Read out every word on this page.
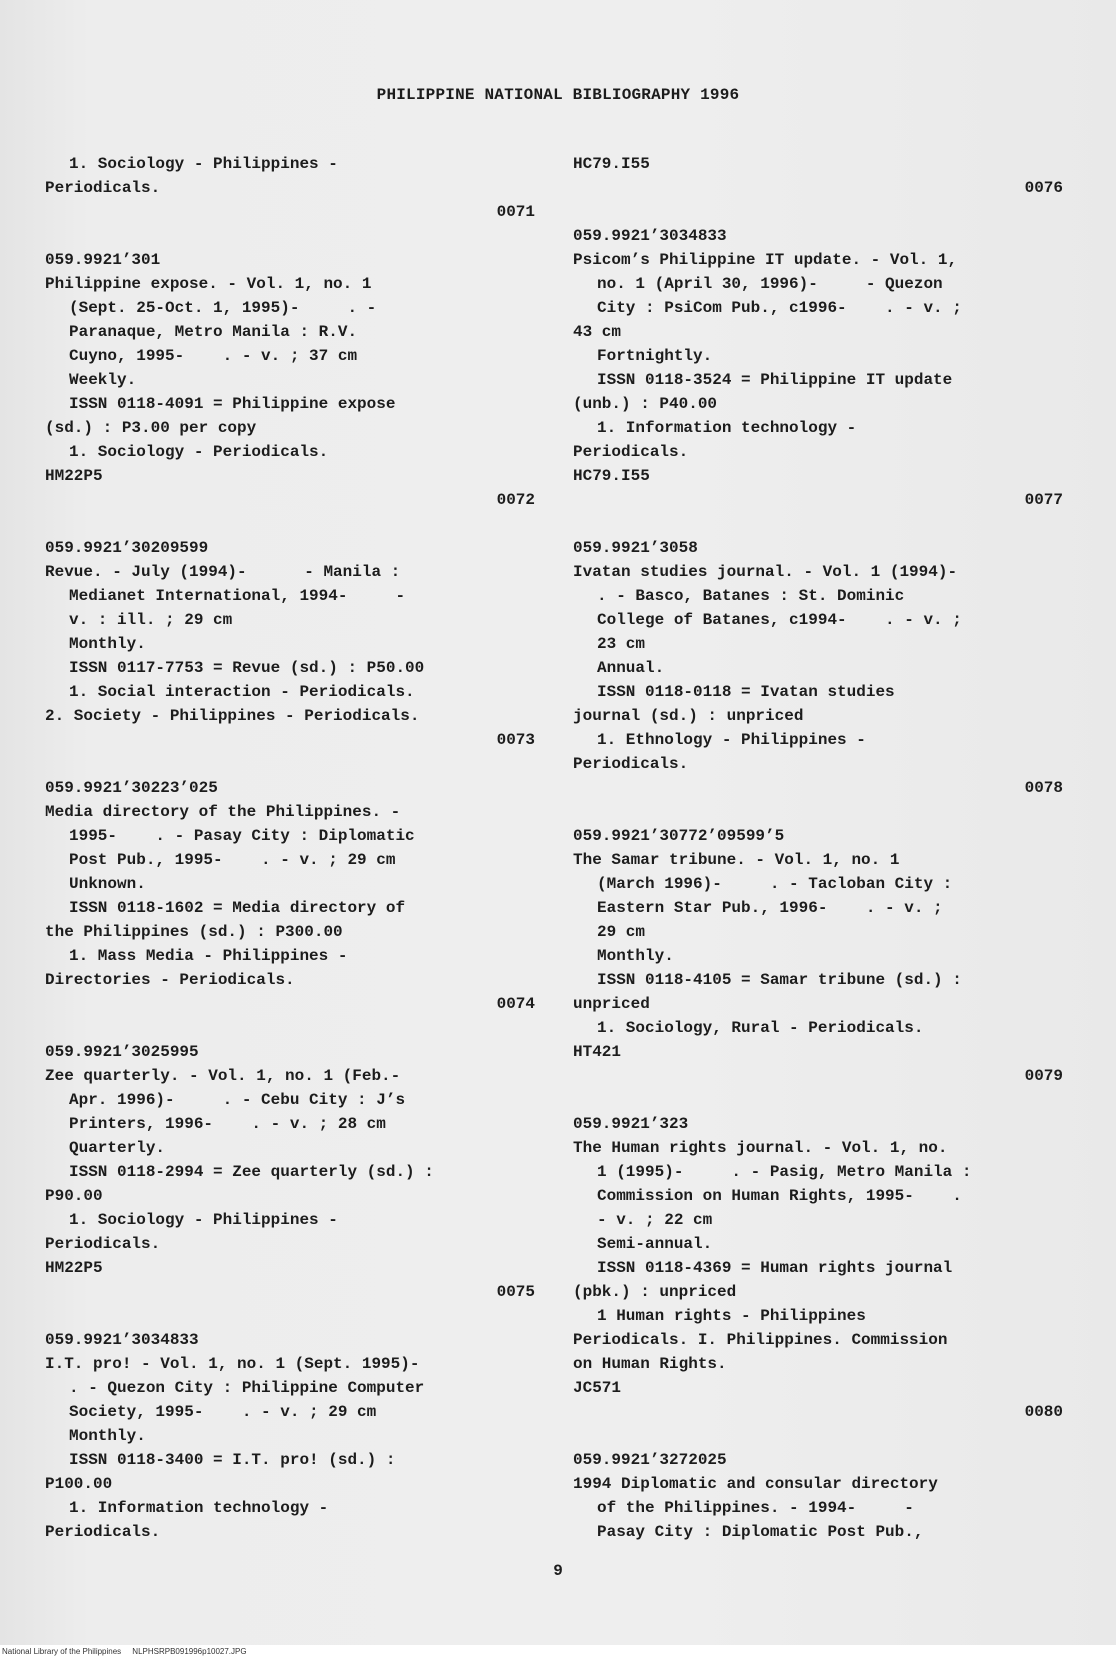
PHILIPPINE NATIONAL BIBLIOGRAPHY 1996
1. Sociology - Philippines -
Periodicals.
0071
059.9921’301
Philippine expose. - Vol. 1, no. 1
(Sept. 25-Oct. 1, 1995)-     . -
Paranaque, Metro Manila : R.V.
Cuyno, 1995-    . - v. ; 37 cm
Weekly.
ISSN 0118-4091 = Philippine expose
(sd.) : P3.00 per copy
1. Sociology - Periodicals.
HM22P5
0072
059.9921’30209599
Revue. - July (1994)-      - Manila :
Medianet International, 1994-     -
v. : ill. ; 29 cm
Monthly.
ISSN 0117-7753 = Revue (sd.) : P50.00
1. Social interaction - Periodicals.
2. Society - Philippines - Periodicals.
0073
059.9921’30223’025
Media directory of the Philippines. -
1995-    . - Pasay City : Diplomatic
Post Pub., 1995-    . - v. ; 29 cm
Unknown.
ISSN 0118-1602 = Media directory of
the Philippines (sd.) : P300.00
1. Mass Media - Philippines -
Directories - Periodicals.
0074
059.9921’3025995
Zee quarterly. - Vol. 1, no. 1 (Feb.-
Apr. 1996)-     . - Cebu City : J’s
Printers, 1996-    . - v. ; 28 cm
Quarterly.
ISSN 0118-2994 = Zee quarterly (sd.) :
P90.00
1. Sociology - Philippines -
Periodicals.
HM22P5
0075
059.9921’3034833
I.T. pro! - Vol. 1, no. 1 (Sept. 1995)-
. - Quezon City : Philippine Computer
Society, 1995-    . - v. ; 29 cm
Monthly.
ISSN 0118-3400 = I.T. pro! (sd.) :
P100.00
1. Information technology -
Periodicals.
HC79.I55
0076
059.9921’3034833
Psicom’s Philippine IT update. - Vol. 1,
no. 1 (April 30, 1996)-     - Quezon
City : PsiCom Pub., c1996-    . - v. ;
43 cm
Fortnightly.
ISSN 0118-3524 = Philippine IT update
(unb.) : P40.00
1. Information technology -
Periodicals.
HC79.I55
0077
059.9921’3058
Ivatan studies journal. - Vol. 1 (1994)-
. - Basco, Batanes : St. Dominic
College of Batanes, c1994-    . - v. ;
23 cm
Annual.
ISSN 0118-0118 = Ivatan studies
journal (sd.) : unpriced
1. Ethnology - Philippines -
Periodicals.
0078
059.9921’30772’09599’5
The Samar tribune. - Vol. 1, no. 1
(March 1996)-     . - Tacloban City :
Eastern Star Pub., 1996-    . - v. ;
29 cm
Monthly.
ISSN 0118-4105 = Samar tribune (sd.) :
unpriced
1. Sociology, Rural - Periodicals.
HT421
0079
059.9921’323
The Human rights journal. - Vol. 1, no.
1 (1995)-     . - Pasig, Metro Manila :
Commission on Human Rights, 1995-    .
- v. ; 22 cm
Semi-annual.
ISSN 0118-4369 = Human rights journal
(pbk.) : unpriced
1 Human rights - Philippines
Periodicals. I. Philippines. Commission
on Human Rights.
JC571
0080
059.9921’3272025
1994 Diplomatic and consular directory
of the Philippines. - 1994-     -
Pasay City : Diplomatic Post Pub.,
9
National Library of the Philippines     NLPHSRPB091996p10027.JPG
